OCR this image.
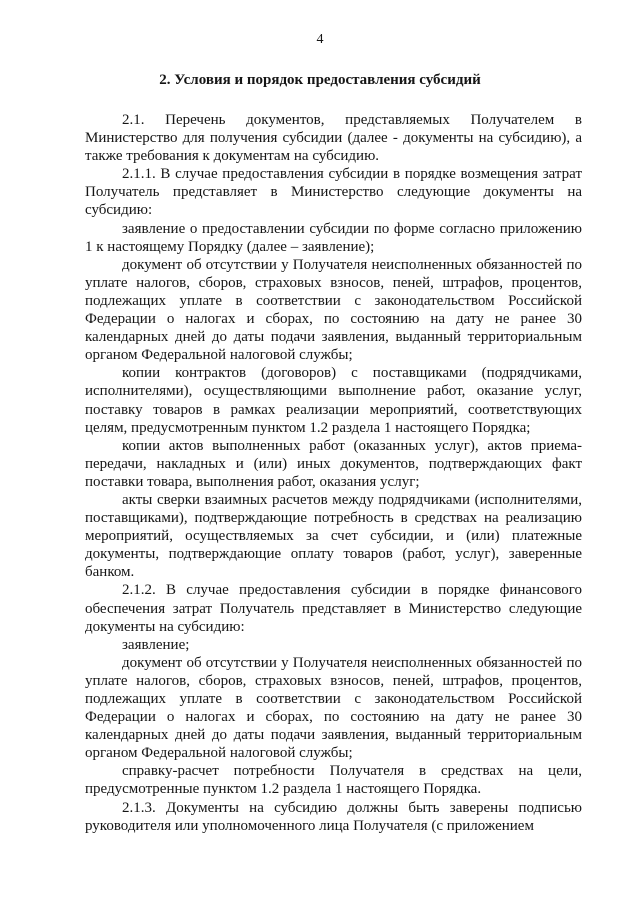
4
2. Условия и порядок предоставления субсидий

2.1. Перечень документов, представляемых Получателем в Министерство для получения субсидии (далее - документы на субсидию), а также требования к документам на субсидию.

2.1.1. В случае предоставления субсидии в порядке возмещения затрат Получатель представляет в Министерство следующие документы на субсидию:

заявление о предоставлении субсидии по форме согласно приложению 1 к настоящему Порядку (далее – заявление);

документ об отсутствии у Получателя неисполненных обязанностей по уплате налогов, сборов, страховых взносов, пеней, штрафов, процентов, подлежащих уплате в соответствии с законодательством Российской Федерации о налогах и сборах, по состоянию на дату не ранее 30 календарных дней до даты подачи заявления, выданный территориальным органом Федеральной налоговой службы;

копии контрактов (договоров) с поставщиками (подрядчиками, исполнителями), осуществляющими выполнение работ, оказание услуг, поставку товаров в рамках реализации мероприятий, соответствующих целям, предусмотренным пунктом 1.2 раздела 1 настоящего Порядка;

копии актов выполненных работ (оказанных услуг), актов приема-передачи, накладных и (или) иных документов, подтверждающих факт поставки товара, выполнения работ, оказания услуг;

акты сверки взаимных расчетов между подрядчиками (исполнителями, поставщиками), подтверждающие потребность в средствах на реализацию мероприятий, осуществляемых за счет субсидии, и (или) платежные документы, подтверждающие оплату товаров (работ, услуг), заверенные банком.

2.1.2. В случае предоставления субсидии в порядке финансового обеспечения затрат Получатель представляет в Министерство следующие документы на субсидию:

заявление;

документ об отсутствии у Получателя неисполненных обязанностей по уплате налогов, сборов, страховых взносов, пеней, штрафов, процентов, подлежащих уплате в соответствии с законодательством Российской Федерации о налогах и сборах, по состоянию на дату не ранее 30 календарных дней до даты подачи заявления, выданный территориальным органом Федеральной налоговой службы;

справку-расчет потребности Получателя в средствах на цели, предусмотренные пунктом 1.2 раздела 1 настоящего Порядка.

2.1.3. Документы на субсидию должны быть заверены подписью руководителя или уполномоченного лица Получателя (с приложением
